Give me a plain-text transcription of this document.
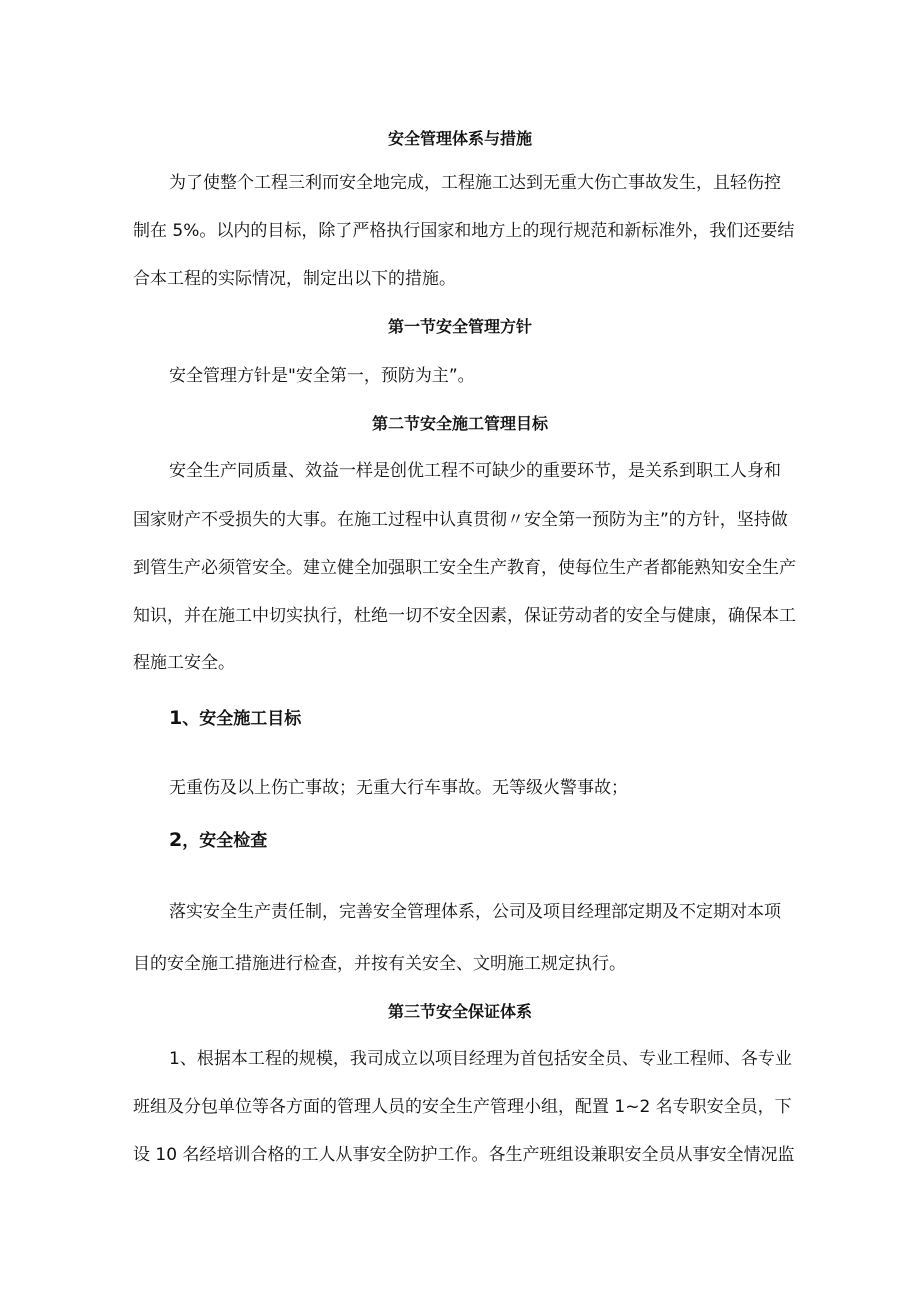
安全管理体系与措施
为了使整个工程三利而安全地完成，工程施工达到无重大伤亡事故发生，且轻伤控
制在 5%。以内的目标，除了严格执行国家和地方上的现行规范和新标准外，我们还要结
合本工程的实际情况，制定出以下的措施。
第一节安全管理方针
安全管理方针是"安全第一，预防为主”。
第二节安全施工管理目标
安全生产同质量、效益一样是创优工程不可缺少的重要环节，是关系到职工人身和
国家财产不受损失的大事。在施工过程中认真贯彻〃安全第一预防为主”的方针，坚持做
到管生产必须管安全。建立健全加强职工安全生产教育，使每位生产者都能熟知安全生产
知识，并在施工中切实执行，杜绝一切不安全因素，保证劳动者的安全与健康，确保本工
程施工安全。
1、安全施工目标
无重伤及以上伤亡事故；无重大行车事故。无等级火警事故；
2，安全检查
落实安全生产责任制，完善安全管理体系，公司及项目经理部定期及不定期对本项
目的安全施工措施进行检查，并按有关安全、文明施工规定执行。
第三节安全保证体系
1、根据本工程的规模，我司成立以项目经理为首包括安全员、专业工程师、各专业
班组及分包单位等各方面的管理人员的安全生产管理小组，配置 1~2 名专职安全员，下
设 10 名经培训合格的工人从事安全防护工作。各生产班组设兼职安全员从事安全情况监
